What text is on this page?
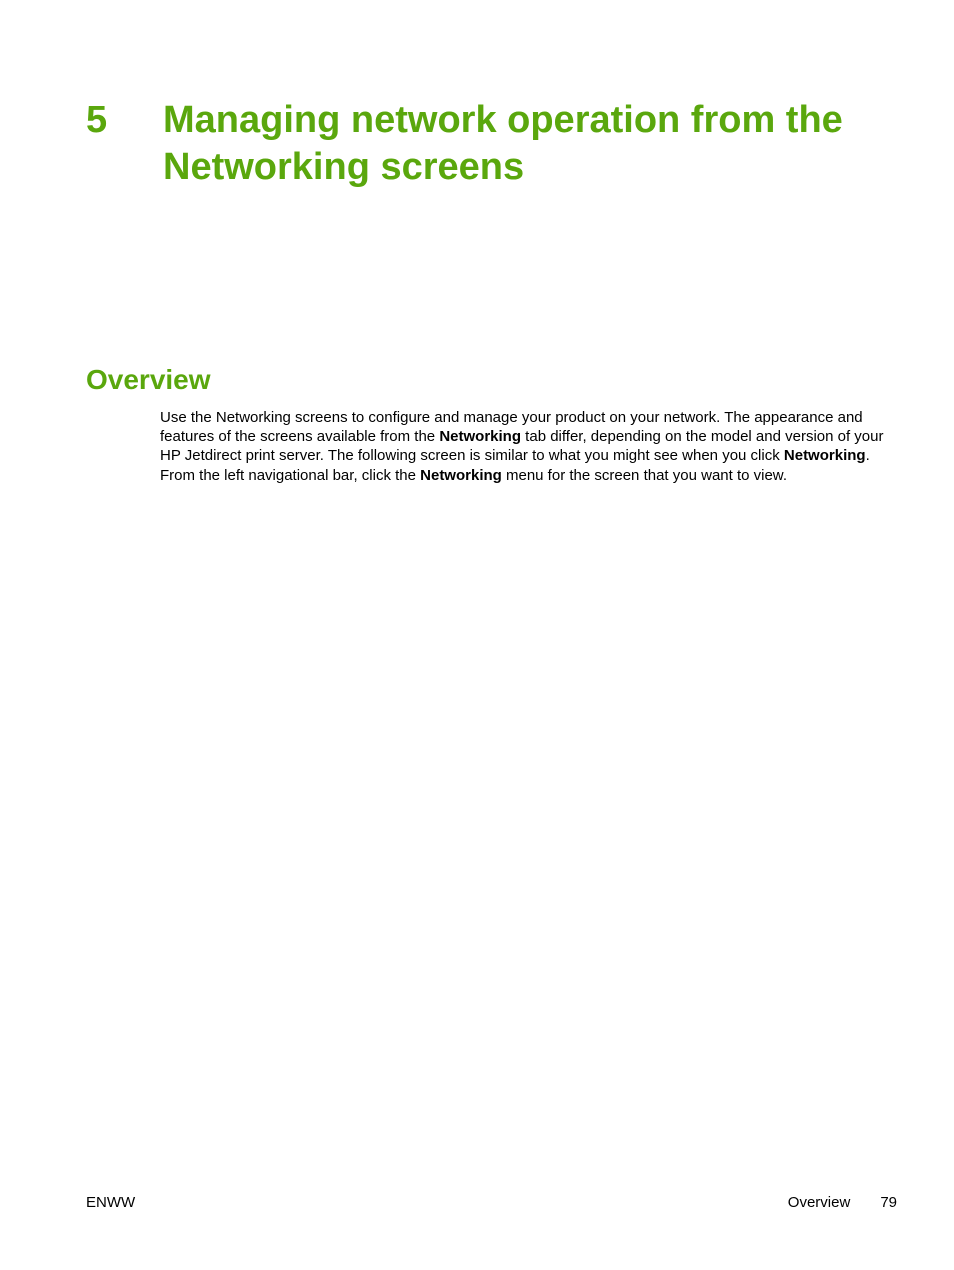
5 Managing network operation from the Networking screens
Overview

Use the Networking screens to configure and manage your product on your network. The appearance and features of the screens available from the Networking tab differ, depending on the model and version of your HP Jetdirect print server. The following screen is similar to what you might see when you click Networking. From the left navigational bar, click the Networking menu for the screen that you want to view.

ENWW	Overview 79
